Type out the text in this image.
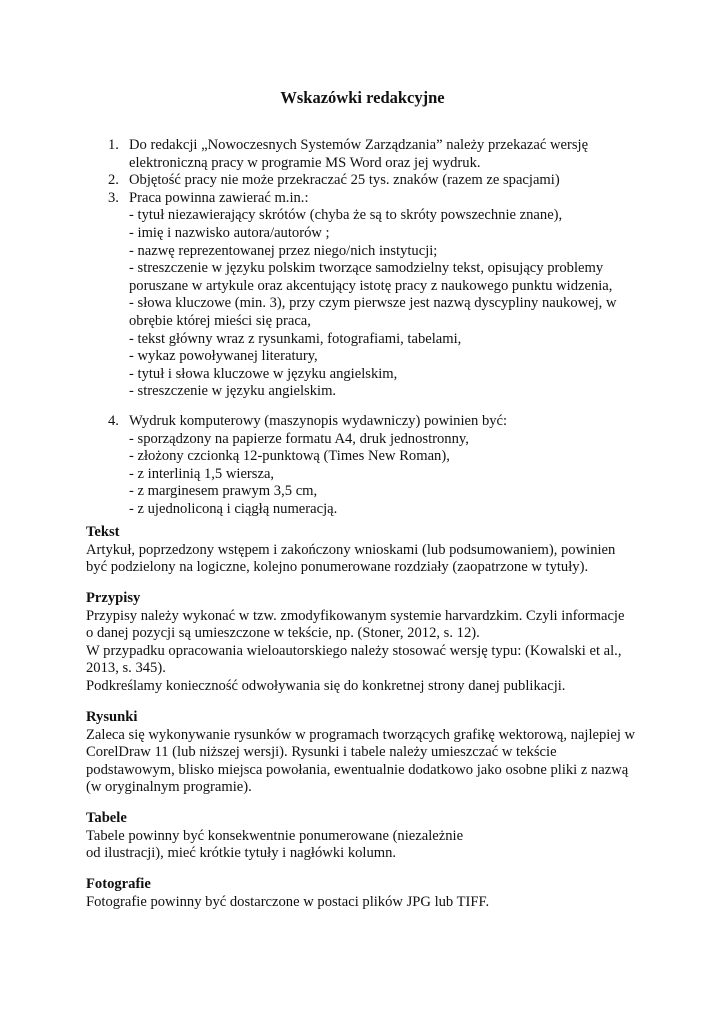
Wskazówki redakcyjne
1. Do redakcji „Nowoczesnych Systemów Zarządzania” należy przekazać wersję
elektroniczną pracy w programie MS Word oraz jej wydruk.
2. Objętość pracy nie może przekraczać 25 tys. znaków (razem ze spacjami)
3. Praca powinna zawierać m.in.:
- tytuł niezawierający skrótów (chyba że są to skróty powszechnie znane),
- imię i nazwisko autora/autorów ;
- nazwę reprezentowanej przez niego/nich instytucji;
- streszczenie w języku polskim tworzące samodzielny tekst, opisujący problemy
poruszane w artykule oraz akcentujący istotę pracy z naukowego punktu widzenia,
- słowa kluczowe (min. 3), przy czym pierwsze jest nazwą dyscypliny naukowej, w
obrębie której mieści się praca,
- tekst główny wraz z rysunkami, fotografiami, tabelami,
- wykaz powoływanej literatury,
- tytuł i słowa kluczowe w języku angielskim,
- streszczenie w języku angielskim.
4. Wydruk komputerowy (maszynopis wydawniczy) powinien być:
- sporządzony na papierze formatu A4, druk jednostronny,
- złożony czcionką 12-punktową (Times New Roman),
- z interlinią 1,5 wiersza,
- z marginesem prawym 3,5 cm,
- z ujednoliconą i ciągłą numeracją.
Tekst
Artykuł, poprzedzony wstępem i zakończony wnioskami (lub podsumowaniem), powinien
być podzielony na logiczne, kolejno ponumerowane rozdziały (zaopatrzone w tytuły).
Przypisy
Przypisy należy wykonać w tzw. zmodyfikowanym systemie harvardzkim. Czyli informacje
o danej pozycji są umieszczone w tekście, np. (Stoner, 2012, s. 12).
W przypadku opracowania wieloautorskiego należy stosować wersję typu: (Kowalski et al.,
2013, s. 345).
Podkreślamy konieczność odwoływania się do konkretnej strony danej publikacji.
Rysunki
Zaleca się wykonywanie rysunków w programach tworzących grafikę wektorową, najlepiej w
CorelDraw 11 (lub niższej wersji). Rysunki i tabele należy umieszczać w tekście
podstawowym, blisko miejsca powołania, ewentualnie dodatkowo jako osobne pliki z nazwą
(w oryginalnym programie).
Tabele
Tabele powinny być konsekwentnie ponumerowane (niezależnie
od ilustracji), mieć krótkie tytuły i nagłówki kolumn.
Fotografie
Fotografie powinny być dostarczone w postaci plików JPG lub TIFF.
